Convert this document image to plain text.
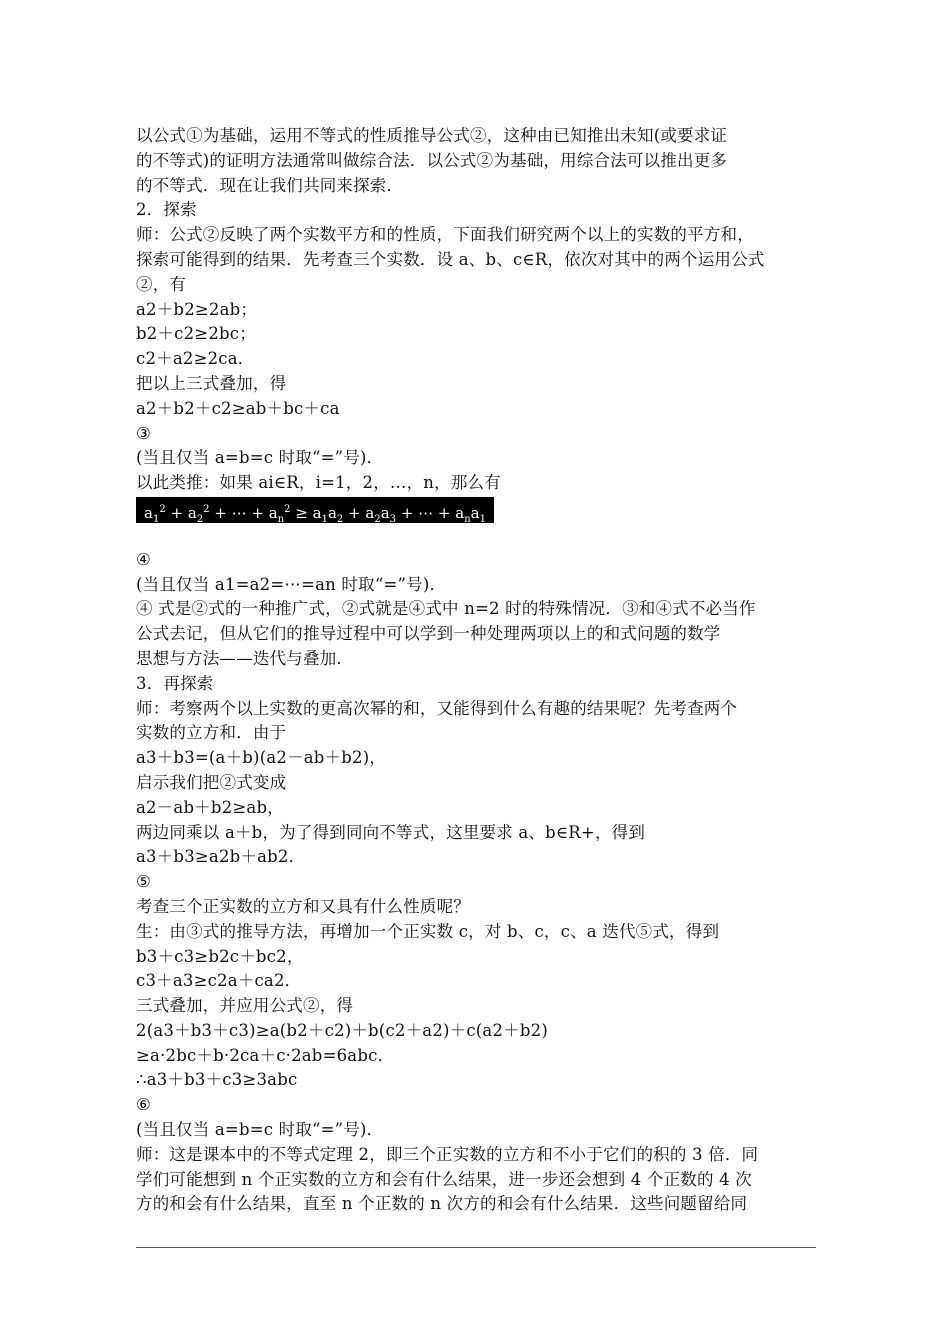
以公式①为基础，运用不等式的性质推导公式②，这种由已知推出未知(或要求证
的不等式)的证明方法通常叫做综合法．以公式②为基础，用综合法可以推出更多
的不等式．现在让我们共同来探索．
2．探索
师：公式②反映了两个实数平方和的性质，下面我们研究两个以上的实数的平方和，
探索可能得到的结果．先考查三个实数．设 a、b、c∈R，依次对其中的两个运用公式
②，有
a2＋b2≥2ab；
b2＋c2≥2bc；
c2＋a2≥2ca．
把以上三式叠加，得
a2＋b2＋c2≥ab＋bc＋ca
③
(当且仅当 a=b=c 时取“=”号)．
以此类推：如果 ai∈R，i=1，2，…，n，那么有
$a_1^2 + a_2^2$ + ⋯ + $a_n^2 \ge a_1a_2 + a_2a_3$ + ⋯ + $a_na_1$
④
(当且仅当 a1=a2=⋯=an 时取“=”号)．
④ 式是②式的一种推广式，②式就是④式中 n=2 时的特殊情况．③和④式不必当作
公式去记，但从它们的推导过程中可以学到一种处理两项以上的和式问题的数学
思想与方法——迭代与叠加．
3．再探索
师：考察两个以上实数的更高次幂的和，又能得到什么有趣的结果呢？先考查两个
实数的立方和．由于
a3＋b3=(a＋b)(a2－ab＋b2)，
启示我们把②式变成
a2－ab＋b2≥ab，
两边同乘以 a＋b，为了得到同向不等式，这里要求 a、b∈R+，得到
a3＋b3≥a2b＋ab2．
⑤
考查三个正实数的立方和又具有什么性质呢？
生：由③式的推导方法，再增加一个正实数 c，对 b、c，c、a 迭代⑤式，得到
b3＋c3≥b2c＋bc2，
c3＋a3≥c2a＋ca2．
三式叠加，并应用公式②，得
2(a3＋b3＋c3)≥a(b2＋c2)＋b(c2＋a2)＋c(a2＋b2)
≥a·2bc＋b·2ca＋c·2ab=6abc．
∴a3＋b3＋c3≥3abc
⑥
(当且仅当 a=b=c 时取“=”号)．
师：这是课本中的不等式定理 2，即三个正实数的立方和不小于它们的积的 3 倍．同
学们可能想到 n 个正实数的立方和会有什么结果，进一步还会想到 4 个正数的 4 次
方的和会有什么结果，直至 n 个正数的 n 次方的和会有什么结果．这些问题留给同
